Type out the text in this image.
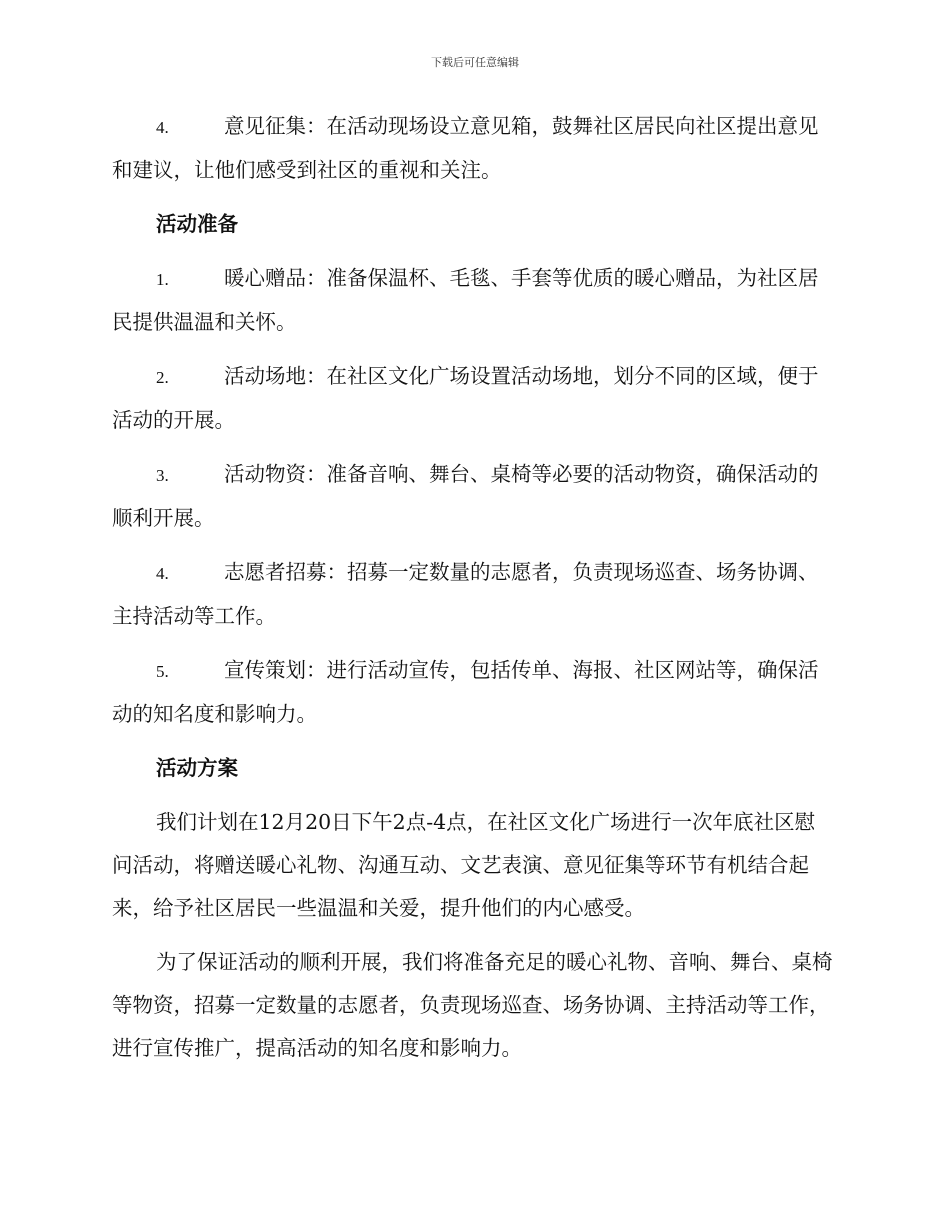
下载后可任意编辑

4.	意见征集：在活动现场设立意见箱，鼓舞社区居民向社区提出意见和建议，让他们感受到社区的重视和关注。

活动准备

1.	暖心赠品：准备保温杯、毛毯、手套等优质的暖心赠品，为社区居民提供温温和关怀。

2.	活动场地：在社区文化广场设置活动场地，划分不同的区域，便于活动的开展。

3.	活动物资：准备音响、舞台、桌椅等必要的活动物资，确保活动的顺利开展。

4.	志愿者招募：招募一定数量的志愿者，负责现场巡查、场务协调、主持活动等工作。

5.	宣传策划：进行活动宣传，包括传单、海报、社区网站等，确保活动的知名度和影响力。

活动方案

我们计划在12月20日下午2点-4点，在社区文化广场进行一次年底社区慰问活动，将赠送暖心礼物、沟通互动、文艺表演、意见征集等环节有机结合起来，给予社区居民一些温温和关爱，提升他们的内心感受。

为了保证活动的顺利开展，我们将准备充足的暖心礼物、音响、舞台、桌椅等物资，招募一定数量的志愿者，负责现场巡查、场务协调、主持活动等工作，进行宣传推广，提高活动的知名度和影响力。
